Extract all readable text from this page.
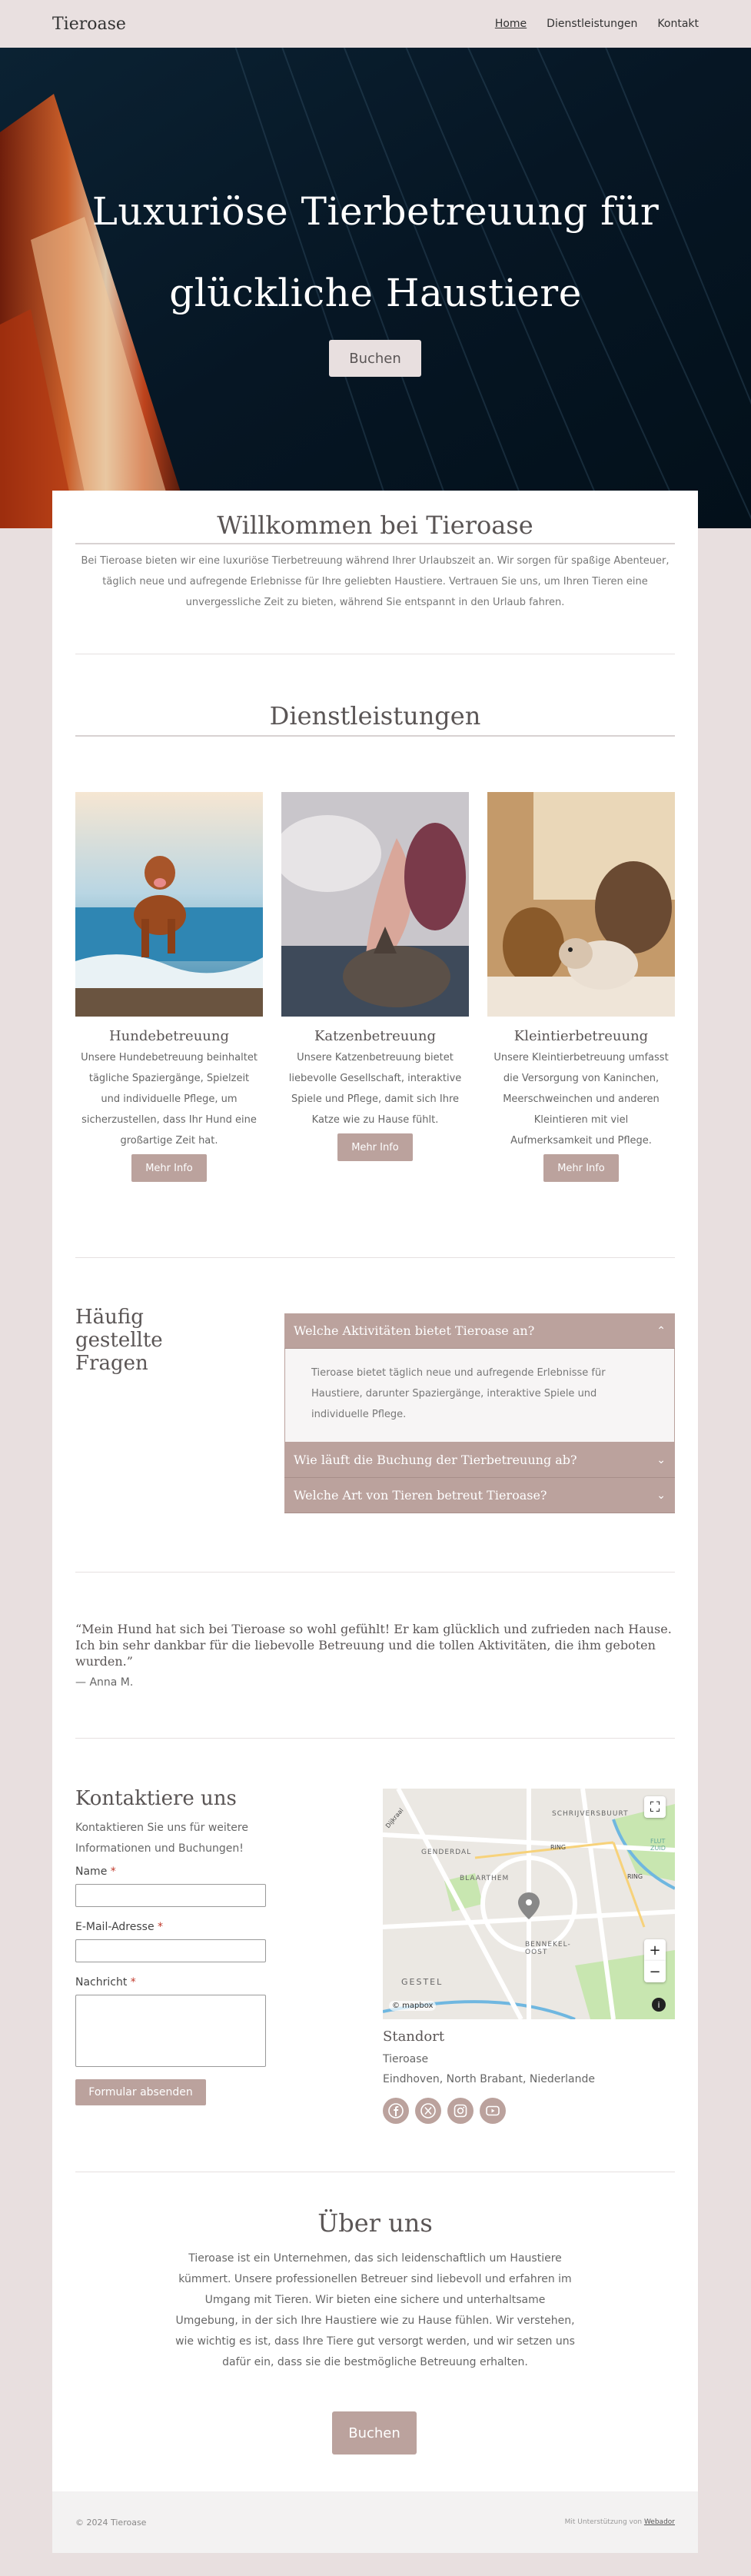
Tieroase	Home Dienstleistungen Kontakt
Luxuriöse Tierbetreuung für
glückliche Haustiere
Buchen
Willkommen bei Tieroase
Bei Tieroase bieten wir eine luxuriöse Tierbetreuung während Ihrer Urlaubszeit an. Wir sorgen für spaßige Abenteuer, täglich neue und aufregende Erlebnisse für Ihre geliebten Haustiere. Vertrauen Sie uns, um Ihren Tieren eine unvergessliche Zeit zu bieten, während Sie entspannt in den Urlaub fahren.
Dienstleistungen
Hundebetreuung

Unsere Hundebetreuung beinhaltet tägliche Spaziergänge, Spielzeit und individuelle Pflege, um sicherzustellen, dass Ihr Hund eine großartige Zeit hat.

Mehr Info
Katzenbetreuung

Unsere Katzenbetreuung bietet liebevolle Gesellschaft, interaktive Spiele und Pflege, damit sich Ihre Katze wie zu Hause fühlt.

Mehr Info
Kleintierbetreuung

Unsere Kleintierbetreuung umfasst die Versorgung von Kaninchen, Meerschweinchen und anderen Kleintieren mit viel Aufmerksamkeit und Pflege.

Mehr Info
Häufig gestellte Fragen
Welche Aktivitäten bietet Tieroase an?	⌃
Tieroase bietet täglich neue und aufregende Erlebnisse für Haustiere, darunter Spaziergänge, interaktive Spiele und individuelle Pflege.
Wie läuft die Buchung der Tierbetreuung ab?	⌄
Welche Art von Tieren betreut Tieroase?	⌄
“Mein Hund hat sich bei Tieroase so wohl gefühlt! Er kam glücklich und zufrieden nach Hause. Ich bin sehr dankbar für die liebevolle Betreuung und die tollen Aktivitäten, die ihm geboten wurden.”
— Anna M.
Kontaktiere uns
Kontaktieren Sie uns für weitere Informationen und Buchungen!
Name *
E-Mail-Adresse *
Nachricht *
Formular absenden
SCHRIJVERSBUURT
GENDERDAL
BLAARTHEM
BENNEKEL-OOST
GESTEL
RING
RING
Dijkraal
FLUT ZUID
⛶
+
−
© mapbox	i
Standort
Tieroase
Eindhoven, North Brabant, Niederlande
Über uns
Tieroase ist ein Unternehmen, das sich leidenschaftlich um Haustiere kümmert. Unsere professionellen Betreuer sind liebevoll und erfahren im Umgang mit Tieren. Wir bieten eine sichere und unterhaltsame Umgebung, in der sich Ihre Haustiere wie zu Hause fühlen. Wir verstehen, wie wichtig es ist, dass Ihre Tiere gut versorgt werden, und wir setzen uns dafür ein, dass sie die bestmögliche Betreuung erhalten.
Buchen
© 2024 Tieroase	Mit Unterstützung von Webador
